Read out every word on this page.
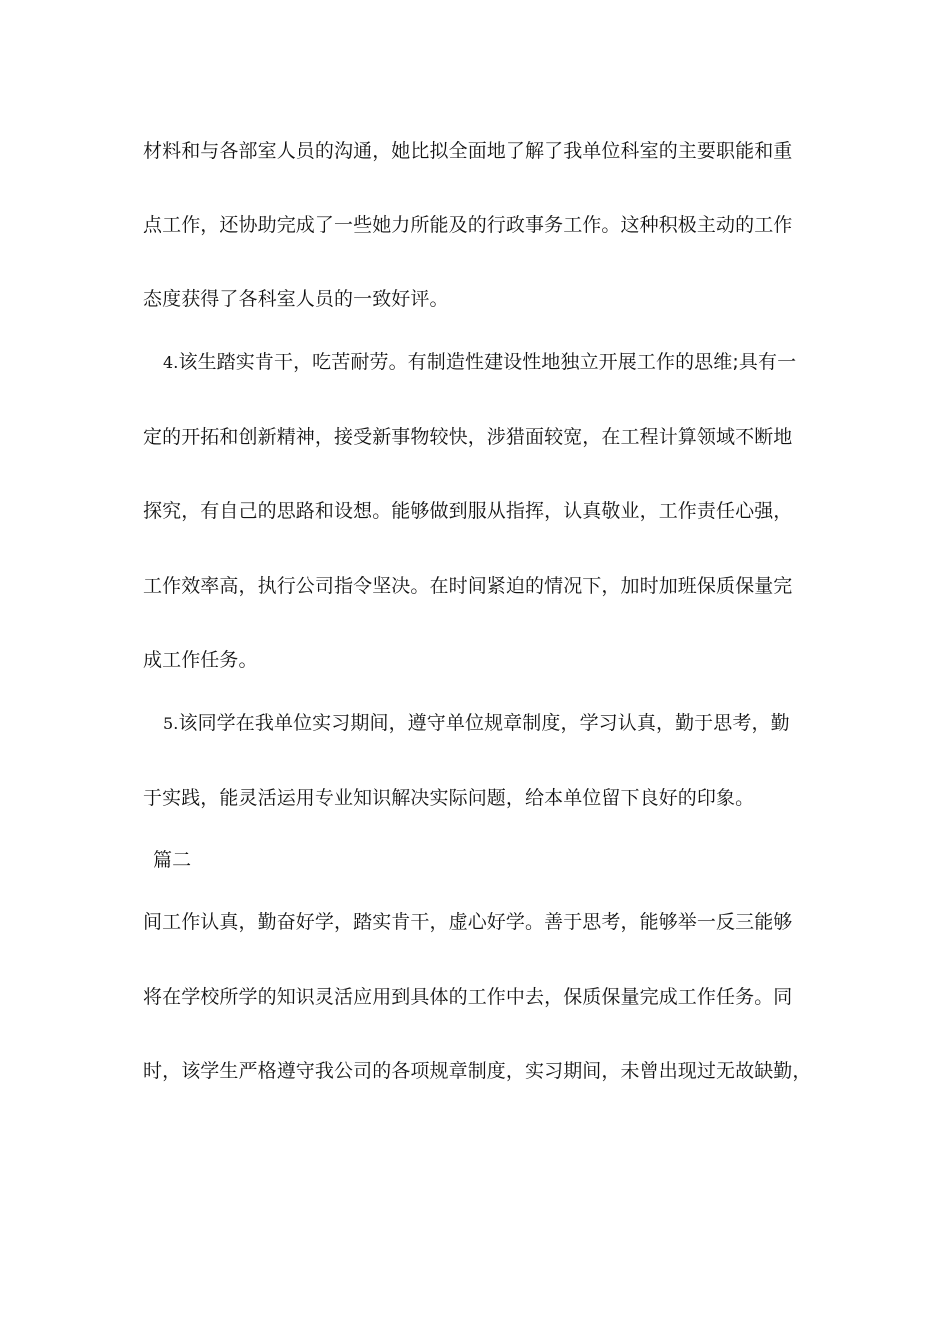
材料和与各部室人员的沟通，她比拟全面地了解了我单位科室的主要职能和重
点工作，还协助完成了一些她力所能及的行政事务工作。这种积极主动的工作
态度获得了各科室人员的一致好评。
4.该生踏实肯干，吃苦耐劳。有制造性建设性地独立开展工作的思维;具有一
定的开拓和创新精神，接受新事物较快，涉猎面较宽，在工程计算领域不断地
探究，有自己的思路和设想。能够做到服从指挥，认真敬业，工作责任心强，
工作效率高，执行公司指令坚决。在时间紧迫的情况下，加时加班保质保量完
成工作任务。
5.该同学在我单位实习期间，遵守单位规章制度，学习认真，勤于思考，勤
于实践，能灵活运用专业知识解决实际问题，给本单位留下良好的印象。
篇二
间工作认真，勤奋好学，踏实肯干，虚心好学。善于思考，能够举一反三能够
将在学校所学的知识灵活应用到具体的工作中去，保质保量完成工作任务。同
时，该学生严格遵守我公司的各项规章制度，实习期间，未曾出现过无故缺勤，
